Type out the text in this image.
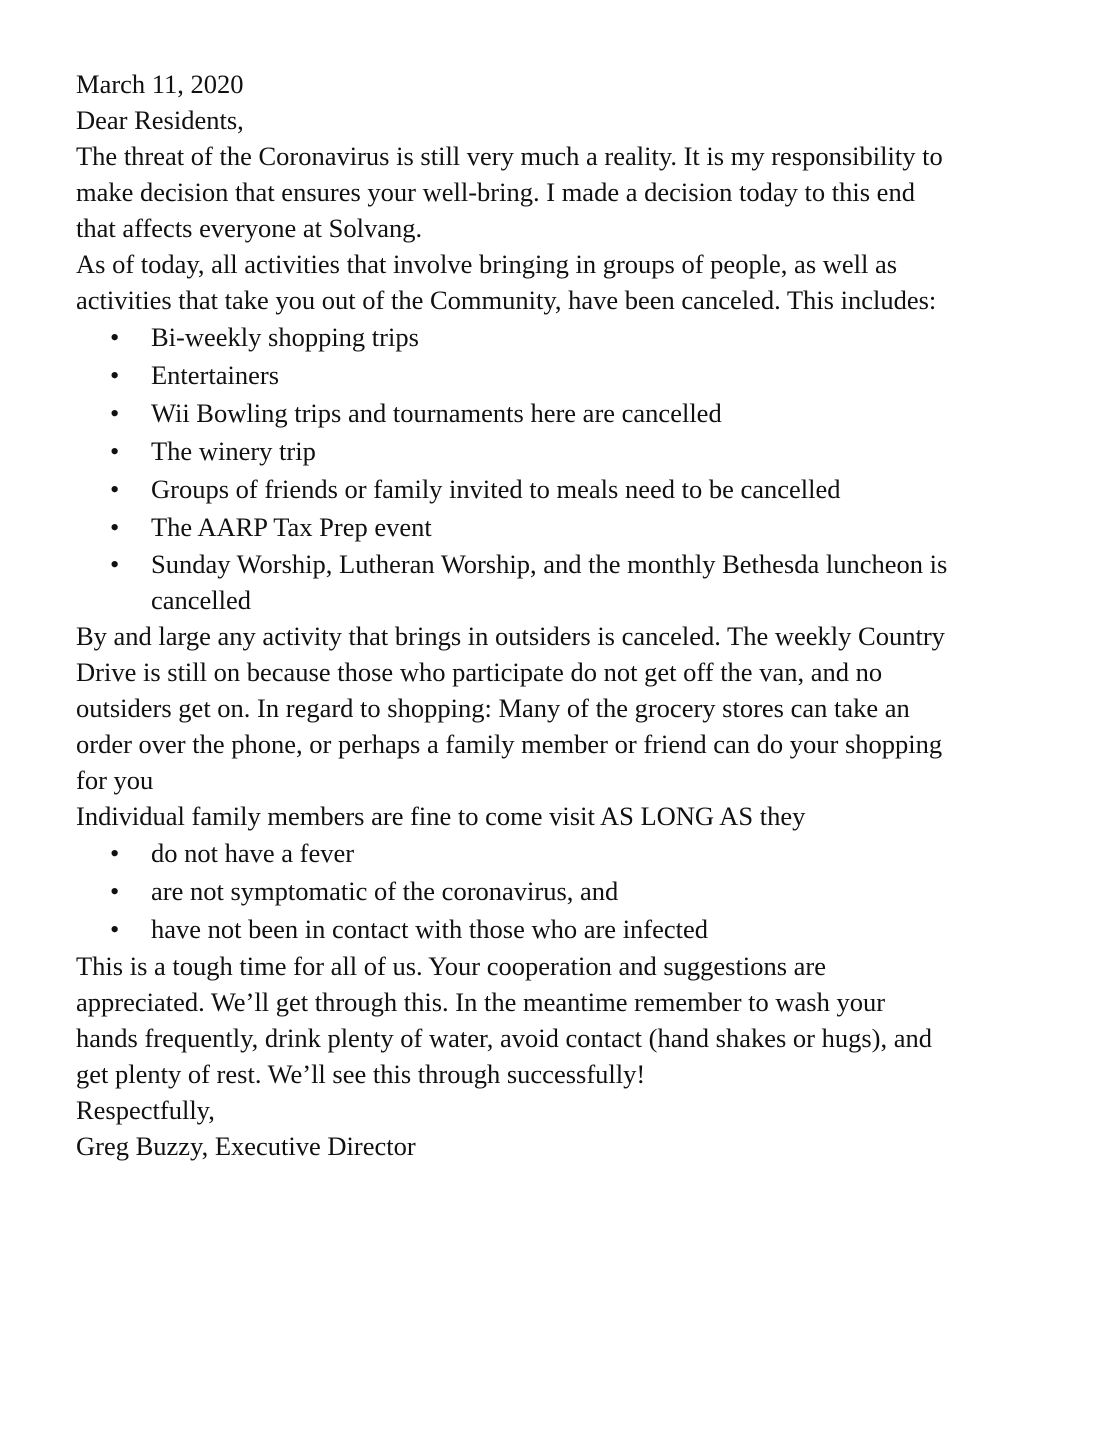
March 11, 2020

Dear Residents,

The threat of the Coronavirus is still very much a reality. It is my responsibility to
make decision that ensures your well-bring. I made a decision today to this end
that affects everyone at Solvang.

As of today, all activities that involve bringing in groups of people, as well as
activities that take you out of the Community, have been canceled. This includes:

•	Bi-weekly shopping trips
•	Entertainers
•	Wii Bowling trips and tournaments here are cancelled
•	The winery trip
•	Groups of friends or family invited to meals need to be cancelled
•	The AARP Tax Prep event
•	Sunday Worship, Lutheran Worship, and the monthly Bethesda luncheon is
cancelled

By and large any activity that brings in outsiders is canceled. The weekly Country
Drive is still on because those who participate do not get off the van, and no
outsiders get on. In regard to shopping: Many of the grocery stores can take an
order over the phone, or perhaps a family member or friend can do your shopping
for you

Individual family members are fine to come visit AS LONG AS they

•	do not have a fever
•	are not symptomatic of the coronavirus, and
•	have not been in contact with those who are infected

This is a tough time for all of us. Your cooperation and suggestions are
appreciated. We’ll get through this. In the meantime remember to wash your
hands frequently, drink plenty of water, avoid contact (hand shakes or hugs), and
get plenty of rest. We’ll see this through successfully!

Respectfully,

Greg Buzzy, Executive Director
